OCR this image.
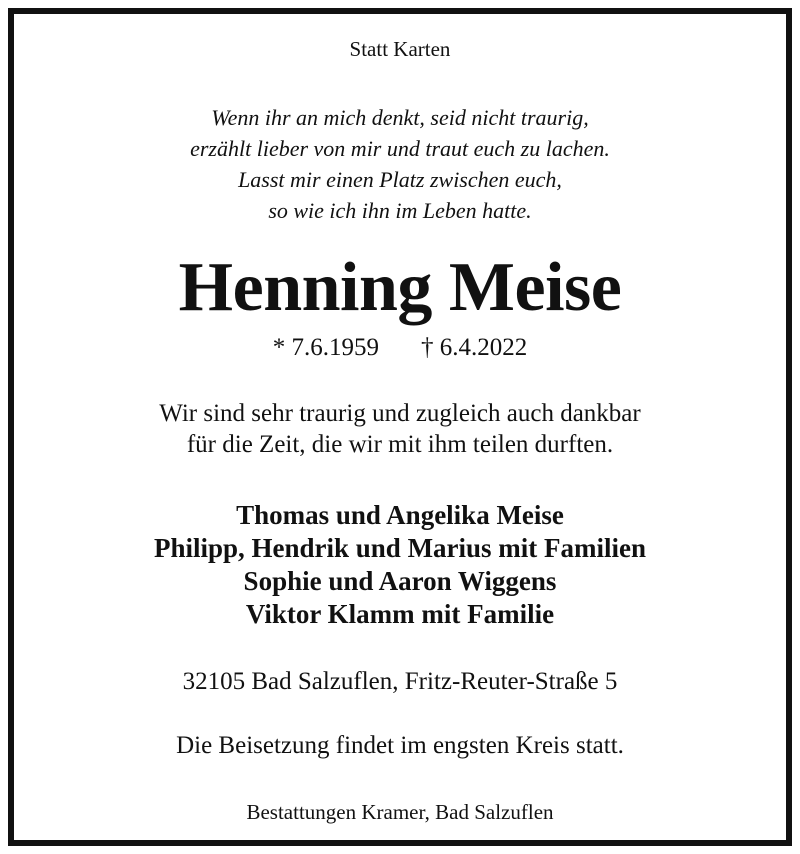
Statt Karten
Wenn ihr an mich denkt, seid nicht traurig,
erzählt lieber von mir und traut euch zu lachen.
Lasst mir einen Platz zwischen euch,
so wie ich ihn im Leben hatte.
Henning Meise
* 7.6.1959 † 6.4.2022
Wir sind sehr traurig und zugleich auch dankbar
für die Zeit, die wir mit ihm teilen durften.
Thomas und Angelika Meise
Philipp, Hendrik und Marius mit Familien
Sophie und Aaron Wiggens
Viktor Klamm mit Familie
32105 Bad Salzuflen, Fritz-Reuter-Straße 5
Die Beisetzung findet im engsten Kreis statt.
Bestattungen Kramer, Bad Salzuflen
